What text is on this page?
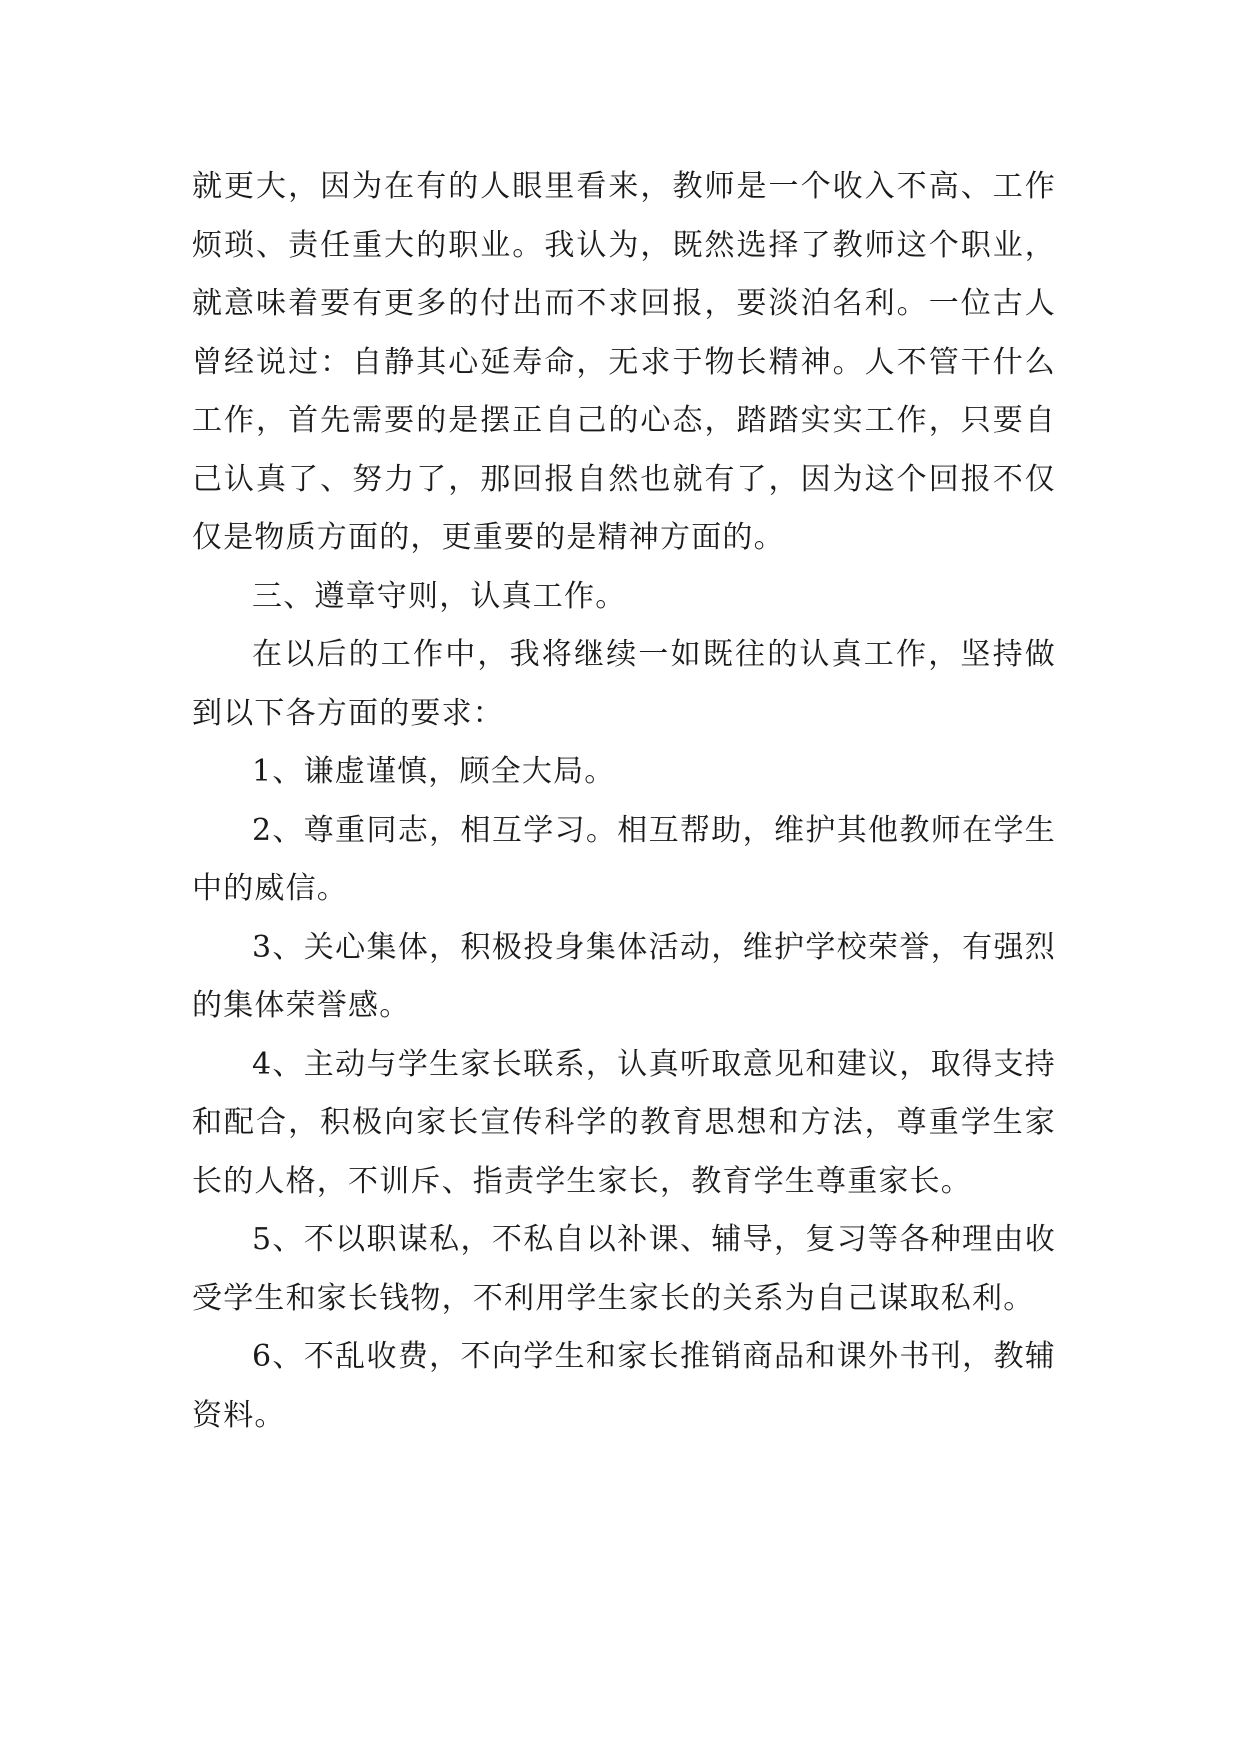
就更大，因为在有的人眼里看来，教师是一个收入不高、工作烦琐、责任重大的职业。我认为，既然选择了教师这个职业，就意味着要有更多的付出而不求回报，要淡泊名利。一位古人曾经说过：自静其心延寿命，无求于物长精神。人不管干什么工作，首先需要的是摆正自己的心态，踏踏实实工作，只要自己认真了、努力了，那回报自然也就有了，因为这个回报不仅仅是物质方面的，更重要的是精神方面的。

三、遵章守则，认真工作。

在以后的工作中，我将继续一如既往的认真工作，坚持做到以下各方面的要求：

1、谦虚谨慎，顾全大局。

2、尊重同志，相互学习。相互帮助，维护其他教师在学生中的威信。

3、关心集体，积极投身集体活动，维护学校荣誉，有强烈的集体荣誉感。

4、主动与学生家长联系，认真听取意见和建议，取得支持和配合，积极向家长宣传科学的教育思想和方法，尊重学生家长的人格，不训斥、指责学生家长，教育学生尊重家长。

5、不以职谋私，不私自以补课、辅导，复习等各种理由收受学生和家长钱物，不利用学生家长的关系为自己谋取私利。

6、不乱收费，不向学生和家长推销商品和课外书刊，教辅资料。
